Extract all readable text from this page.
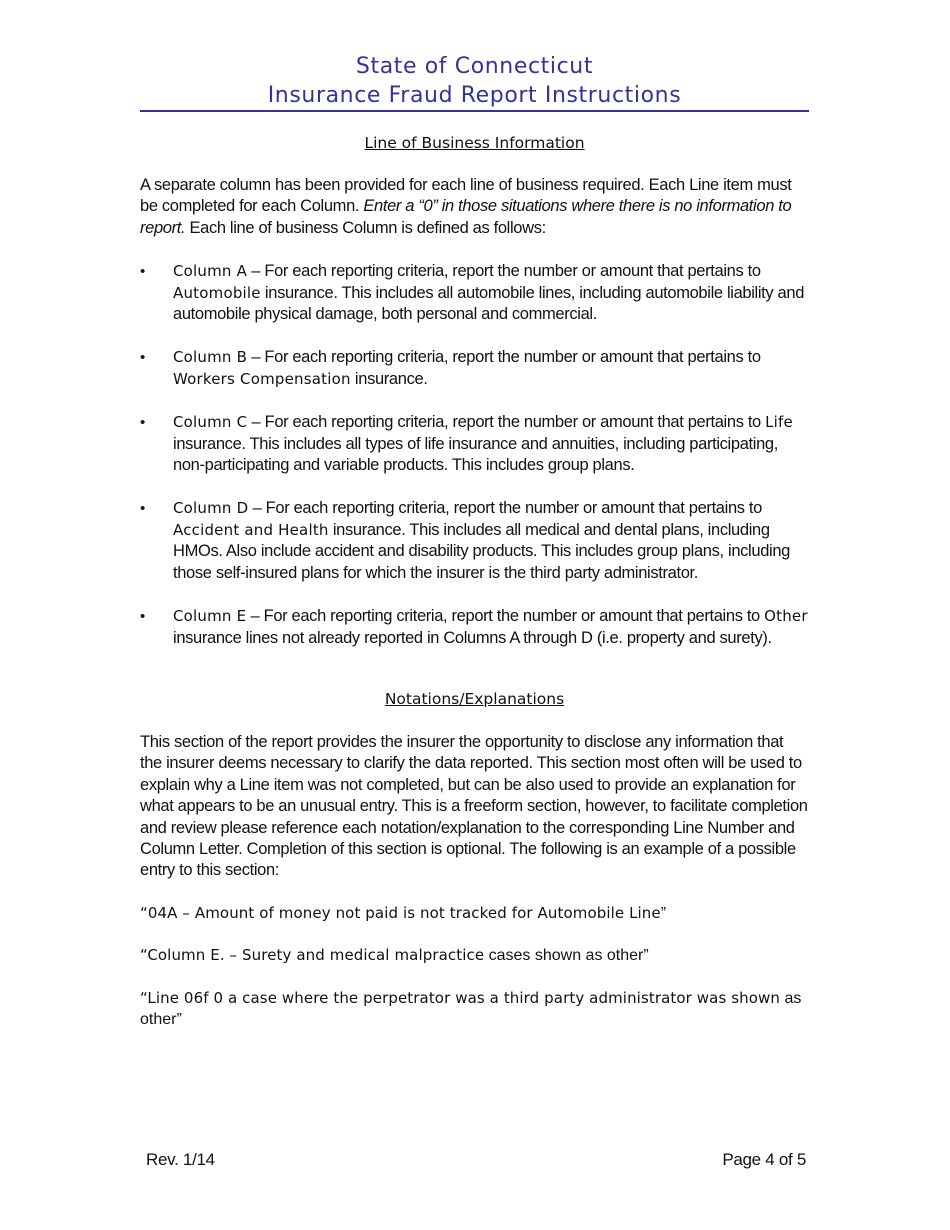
State of Connecticut
Insurance Fraud Report Instructions
Line of Business Information

A separate column has been provided for each line of business required. Each Line item must be completed for each Column. Enter a “0” in those situations where there is no information to report. Each line of business Column is defined as follows:

• Column A – For each reporting criteria, report the number or amount that pertains to Automobile insurance. This includes all automobile lines, including automobile liability and automobile physical damage, both personal and commercial.
• Column B – For each reporting criteria, report the number or amount that pertains to Workers Compensation insurance.
• Column C – For each reporting criteria, report the number or amount that pertains to Life insurance. This includes all types of life insurance and annuities, including participating, non-participating and variable products. This includes group plans.
• Column D – For each reporting criteria, report the number or amount that pertains to Accident and Health insurance. This includes all medical and dental plans, including HMOs. Also include accident and disability products. This includes group plans, including those self-insured plans for which the insurer is the third party administrator.
• Column E – For each reporting criteria, report the number or amount that pertains to Other insurance lines not already reported in Columns A through D (i.e. property and surety).
Notations/Explanations

This section of the report provides the insurer the opportunity to disclose any information that the insurer deems necessary to clarify the data reported. This section most often will be used to explain why a Line item was not completed, but can be also used to provide an explanation for what appears to be an unusual entry. This is a freeform section, however, to facilitate completion and review please reference each notation/explanation to the corresponding Line Number and Column Letter. Completion of this section is optional. The following is an example of a possible entry to this section:

“04A – Amount of money not paid is not tracked for Automobile Line”

“Column E. – Surety and medical malpractice cases shown as other”

“Line 06f 0 a case where the perpetrator was a third party administrator was shown as other”

Rev. 1/14	Page 4 of 5
